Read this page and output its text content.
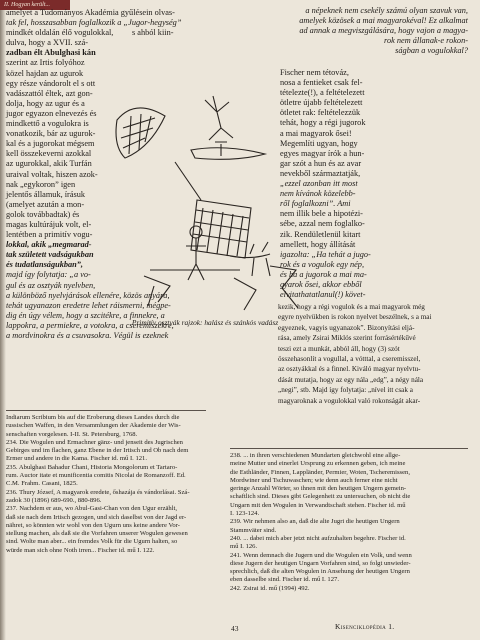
II. Hogyan került...

a népeknek nem csekély számú olyan szavuk van,

amelyek közösek a mai magyarokéval! Ez alkalmat

ad annak a megviszgálására, hogy vajon a magya-

rok nem állanak-e rokon-

ságban a vogulokkal?

amelyet a Tudományos Akadémia gyűlésein olvas-

tak fel, hosszasabban foglalkozik a „Jugor-hegység”

mindkét oldalán élő vogulokkal,	s ahból kiin-

dulva, hogy a XVII. szá-

zadban élt Abulghasi kán

szerint az Irtis folyóhoz

közel hajdan az ugurok

egy része vándorolt el s ott

vadászattól éltek, azt gon-

dolja, hogy az ugur és a

jugor egyazon elnevezés és

mindkettő a vogulokra is

vonatkozik, bár az ugurok-

kal és a jugorokat mégsem

kell összekeverni azokkal

az ugurokkal, akik Turfán

uraival voltak, hiszen azok-

nak „egykoron” igen

jelentős államuk, írásuk

(amelyet azután a mon-

golok továbbadtak) és

magas kultúrájuk volt, el-

lentétben a primitív vogu-

lokkal, akik „megmarad-

tak született vadságukban

és tudatlanságukban”,

majd így folytatja: „a vo-

gul és az osztyák nyelvben,

a különböző nyelvjárások ellenére, közös anyára,

tehát ugyanazon eredetre lehet ráismerni, mégpe-

dig én úgy vélem, hogy a szcitékre, a finnekre, a

lappokra, a permiekre, a votokra, a cseremiszekre,

a mordvinokra és a csuvasokra. Végül is ezeknek

Primitív osztyák rajzok: halász és szánkós vadász

Fischer nem tétováz,

nosa a fentieket csak fel-

tételezte(!), a feltételezett

ötletre újabb feltételezett

ötletet rak: feltételezzük

tehát, hogy a régi jugorok

a mai magyarok ősei!

Megemlíti ugyan, hogy

egyes magyar írók a hun-

gar szót a hun és az avar

nevekből származtatják,

„ezzel azonban itt most

nem kívánok közelebb-

ről foglalkozni”. Ami

nem illik bele a hipotézi-

sébe, azzal nem foglalko-

zik. Rendületlenül kitart

amellett, hogy állítását

igazolta: „Ha tehát a jugo-

rok és a vogulok egy nép,

és ha a jugorok a mai ma-

gyarok ősei, akkor ebből

elvitathatatlanul(!) követ-

kezik, hogy a régi vogulok és a mai magyarok még

egyre nyelvükben is rokon nyelvet beszélnek, s a mai

egyeznek, vagyis ugyanazok”. Bizonyítási eljá-

rása, amely Zsirai Miklós szerint forrásértékűvé

teszi ezt a munkát, abból áll, hogy (3) szót

összehasonlít a vogullal, a vótttal, a cseremisszel,

az osztyákkal és a finnel. Kiváló magyar nyelvtu-

dását mutatja, hogy az egy nála „edg”, a négy nála

„negi”, stb. Majd így folytatja: „nível itt csak a

magyaroknak a vogulokkal való rokonságát akar-

Indiarum Scribium bis auf die Eroberung dieses Landes durch die

russischen Waffen, in den Versammlungen der Akademie der Wis-

senschaften vorgelesen. I-II. St. Petersburg, 1768.

234. Die Wogulen und Ermachner gänz- und jenseit des Jugrischen

Gebirges und im flachen, ganz Ebene in der Irtisch und Ob nach dem

Ermer und andere in die Kama. Fischer id. mű I. 121.

235. Abulghasi Bahadur Chani, Historia Mongolorum et Tartaro-

rum. Auctor itate et munificentia comitis Nicolai de Romanzoff. Ed.

C.M. Frahm. Casani, 1825.

236. Thury József, A magyarok eredete, őshazája és vándorlásai. Szá-

zadok 30 (1896) 689-690., 880-896.

237. Nachdem er aus, wo Abul-Gasi-Chan von den Ugur erzählt,

daß sie nach dem Irtisch gezogen, und sich daselbst von der Jagd er-

nähret, so könnten wir wohl von den Ugurn uns keine andere Vor-

stellung machen, als daß sie die Vorfahren unserer Wogulen gewesen

sind. Wolte man aber... ein fremdes Volk für die Ugurn halten, so

würde man sich ohne Noth irren... Fischer id. mű I. 122.

238. ... in ihren verschiedenen Mundarten gleichwohl eine allge-

meine Mutter und einerlei Ursprung zu erkennen geben, ich meine

die Esthländer, Finnen, Lappländer, Permier, Woten, Tscheremissen,

Mordwiner und Tschuwaschen; wie denn auch ferner eine nicht

geringe Anzahl Wörter, so ihnen mit den heutigen Ungern gemein-

schaftlich sind. Dieses gibt Gelegenheit zu untersuchen, ob nicht die

Ungarn mit den Wogulen in Verwandtschaft stehen. Fischer id. mű

I. 123-124.

239. Wir nehmen also an, daß die alte Jugri die heutigen Ungern

Stammväter sind.

240. ... dabei mich aber jetzt nicht aufzuhalten begehre. Fischer id.

mű I. 126.

241. Wenn demnach die Jugern und die Wogulen ein Volk, und wenn

diese Jugern der heutigen Ungarn Vorfahren sind, so folgt unwieder-

sprechlich, daß die alten Wogulen in Ansehung der heutigen Ungern

eben dasselbe sind. Fischer id. mű I. 127.

242. Zsirai id. mű (1994) 492.

43	Kisenciklopédia 1.
